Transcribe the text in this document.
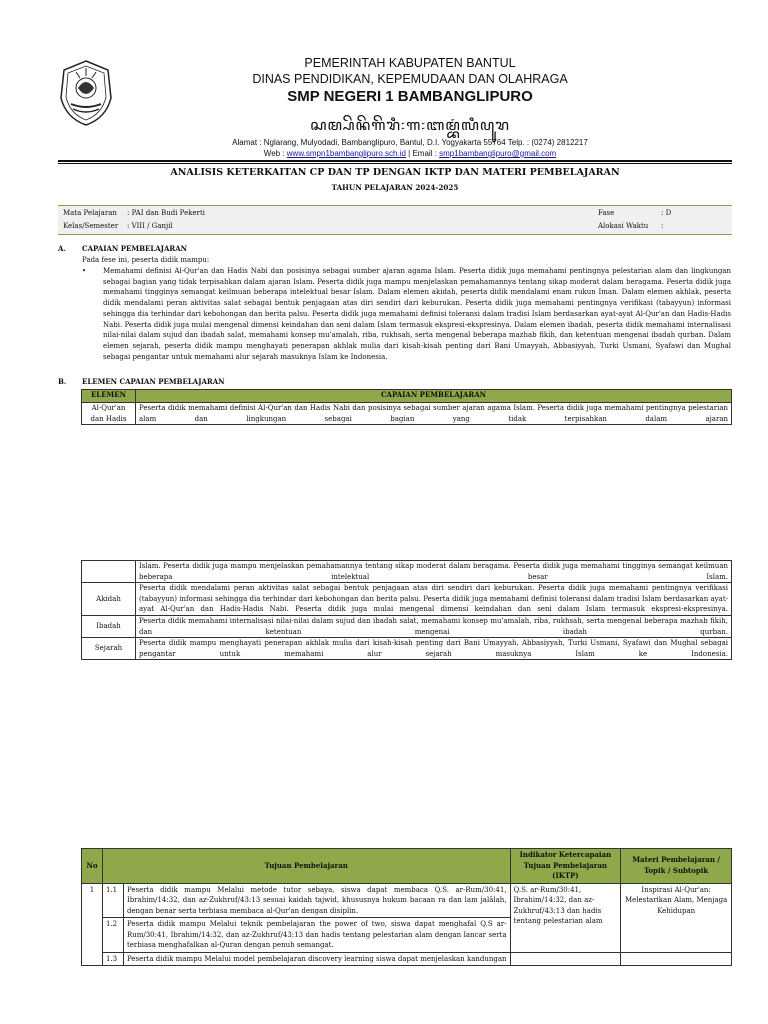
PEMERINTAH KABUPATEN BANTUL
DINAS PENDIDIKAN, KEPEMUDAAN DAN OLAHRAGA
SMP NEGERI 1 BAMBANGLIPURO
ꦱꦩ꧀ꦥꦼꦤꦼꦒꦼꦫꦶ꧇꧑꧇ꦧꦩ꧀ꦧꦁꦭꦶꦥꦸꦫ
Alamat : Nglarang, Mulyodadi, Bambanglipuro, Bantul, D.I. Yogyakarta 55764 Telp. : (0274) 2812217
Web : www.smpn1bambanglipuro.sch.id | Email : smp1bambanglipuro@gmail.com
ANALISIS KETERKAITAN CP DAN TP DENGAN IKTP DAN MATERI PEMBELAJARAN
TAHUN PELAJARAN 2024-2025
Mata Pelajaran : PAI dan Budi Pekerti
Kelas/Semester : VIII / Ganjil
Fase	: D
Alokasi Waktu :
A. CAPAIAN PEMBELAJARAN
Pada fese ini, peserta didik mampu:
• Memahami definisi Al-Qur'an dan Hadis Nabi dan posisinya sebagai sumber ajaran agama Islam. Peserta didik juga memahami pentingnya pelestarian alam dan lingkungan sebagai bagian yang tidak terpisahkan dalam ajaran Islam. Peserta didik juga mampu menjelaskan pemahamannya tentang sikap moderat dalam beragama. Peserta didik juga memahami tingginya semangat keilmuan beberapa intelektual besar Islam. Dalam elemen akidah, peserta didik mendalami enam rukun Iman. Dalam elemen akhlak, peserta didik mendalami peran aktivitas salat sebagai bentuk penjagaan atas diri sendiri dari keburukan. Peserta didik juga memahami pentingnya verifikasi (tabayyun) informasi sehingga dia terhindar dari kebohongan dan berita palsu. Peserta didik juga memahami definisi toleransi dalam tradisi Islam berdasarkan ayat-ayat Al-Qur'an dan Hadis-Hadis Nabi. Peserta didik juga mulai mengenal dimensi keindahan dan seni dalam Islam termasuk ekspresi-ekspresinya. Dalam elemen ibadah, peserta didik memahami internalisasi nilai-nilai dalam sujud dan ibadah salat, memahami konsep mu'amalah, riba, rukhsah, serta mengenal beberapa mazhab fikih, dan ketentuan mengenai ibadah qurban. Dalam elemen sejarah, peserta didik mampu menghayati penerapan akhlak mulia dari kisah-kisah penting dari Bani Umayyah, Abbasiyyah, Turki Usmani, Syafawi dan Mughal sebagai pengantar untuk memahami alur sejarah masuknya Islam ke Indonesia.
B. ELEMEN CAPAIAN PEMBELAJARAN
ELEMEN	CAPAIAN PEMBELAJARAN
Al-Qur'an dan Hadis	Peserta didik memahami definisi Al-Qur'an dan Hadis Nabi dan posisinya sebagai sumber ajaran agama Islam. Peserta didik juga memahami pentingnya pelestarian alam dan lingkungan sebagai bagian yang tidak terpisahkan dalam ajaran
	Islam. Peserta didik juga mampu menjelaskan pemahamannya tentang sikap moderat dalam beragama. Peserta didik juga memahami tingginya semangat keilmuan beberapa intelektual besar Islam.
Akidah	Peserta didik mendalami peran aktivitas salat sebagai bentuk penjagaan atas diri sendiri dari keburukan. Peserta didik juga memahami pentingnya verifikasi (tabayyun) informasi sehingga dia terhindar dari kebohongan dan berita palsu. Peserta didik juga memahami definisi toleransi dalam tradisi Islam berdasarkan ayat-ayat Al-Qur'an dan Hadis-Hadis Nabi. Peserta didik juga mulai mengenal dimensi keindahan dan seni dalam Islam termasuk ekspresi-ekspresinya.
Ibadah	Peserta didik memahami internalisasi nilai-nilai dalam sujud dan ibadah salat, memahami konsep mu'amalah, riba, rukhsah, serta mengenal beberapa mazhab fikih, dan ketentuan mengenai ibadah qurban.
Sejarah	Peserta didik mampu menghayati penerapan akhlak mulia dari kisah-kisah penting dari Bani Umayyah, Abbasiyyah, Turki Usmani, Syafawi dan Mughal sebagai pengantar untuk memahami alur sejarah masuknya Islam ke Indonesia.
No	Tujuan Pembelajaran		Indikator Ketercapaian Tujuan Pembelajaran (IKTP)	Materi Pembelajaran / Topik / Subtopik
1	1.1	Peserta didik mampu Melalui metode tutor sebaya, siswa dapat membaca Q.S. ar-Rum/30:41, Ibrahim/14:32, dan az-Zukhruf/43:13 sesuai kaidah tajwid, khususnya hukum bacaan ra dan lam jalālah, dengan benar serta terbiasa membaca al-Qur'an dengan disiplin.	Q.S. ar-Rum/30:41, Ibrahim/14:32, dan az-Zukhruf/43:13 dan hadis tentang pelestarian alam	Inspirasi Al-Qur'an: Melestarikan Alam, Menjaga Kehidupan
	1.2	Peserta didik mampu Melalui teknik pembelajaran the power of two, siswa dapat menghafal Q.S ar-Rum/30:41, Ibrahim/14:32, dan az-Zukhruf/43:13 dan hadis tentang pelestarian alam dengan lancar serta terbiasa menghafalkan al-Quran dengan penuh semangat.		
	1.3	Peserta didik mampu Melalui model pembelajaran discovery learning siswa dapat menjelaskan kandungan		
